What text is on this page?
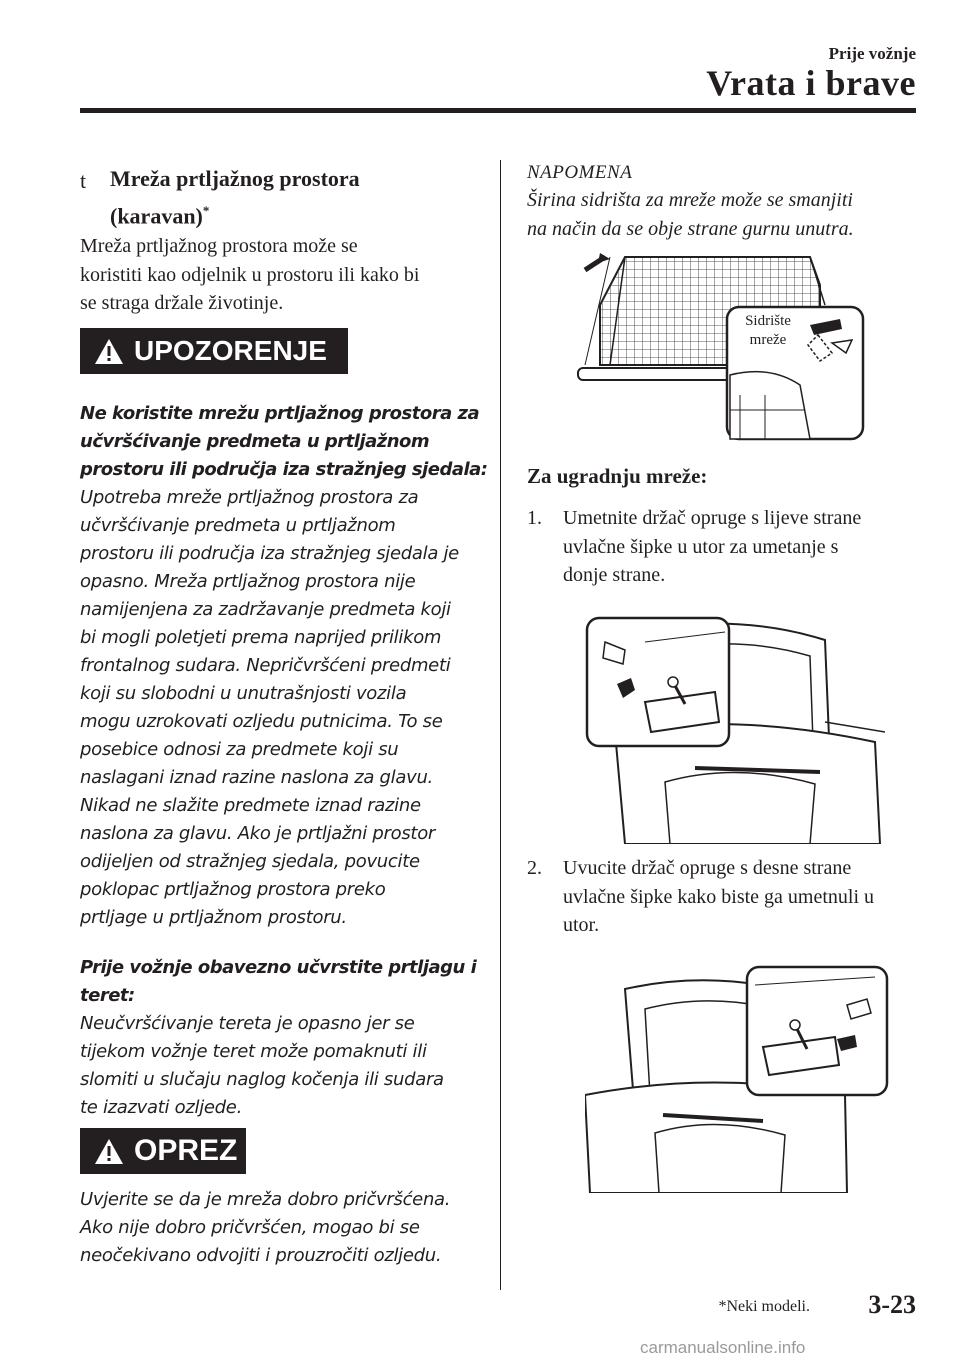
Prije vožnje
Vrata i brave
t Mreža prtljažnog prostora
(karavan)*
Mreža prtljažnog prostora može se
koristiti kao odjelnik u prostoru ili kako bi
se straga držale životinje.
UPOZORENJE
Ne koristite mrežu prtljažnog prostora za
učvršćivanje predmeta u prtljažnom
prostoru ili područja iza stražnjeg sjedala:
Upotreba mreže prtljažnog prostora za
učvršćivanje predmeta u prtljažnom
prostoru ili područja iza stražnjeg sjedala je
opasno. Mreža prtljažnog prostora nije
namijenjena za zadržavanje predmeta koji
bi mogli poletjeti prema naprijed prilikom
frontalnog sudara. Nepričvršćeni predmeti
koji su slobodni u unutrašnjosti vozila
mogu uzrokovati ozljedu putnicima. To se
posebice odnosi za predmete koji su
naslagani iznad razine naslona za glavu.
Nikad ne slažite predmete iznad razine
naslona za glavu. Ako je prtljažni prostor
odijeljen od stražnjeg sjedala, povucite
poklopac prtljažnog prostora preko
prtljage u prtljažnom prostoru.
Prije vožnje obavezno učvrstite prtljagu i
teret:
Neučvršćivanje tereta je opasno jer se
tijekom vožnje teret može pomaknuti ili
slomiti u slučaju naglog kočenja ili sudara
te izazvati ozljede.
OPREZ
Uvjerite se da je mreža dobro pričvršćena.
Ako nije dobro pričvršćen, mogao bi se
neočekivano odvojiti i prouzročiti ozljedu.
NAPOMENA
Širina sidrišta za mreže može se smanjiti
na način da se obje strane gurnu unutra.
Sidrište
mreže
Za ugradnju mreže:
1. Umetnite držač opruge s lijeve strane
uvlačne šipke u utor za umetanje s
donje strane.
2. Uvucite držač opruge s desne strane
uvlačne šipke kako biste ga umetnuli u
utor.
*Neki modeli. 3-23
carmanualsonline.info
